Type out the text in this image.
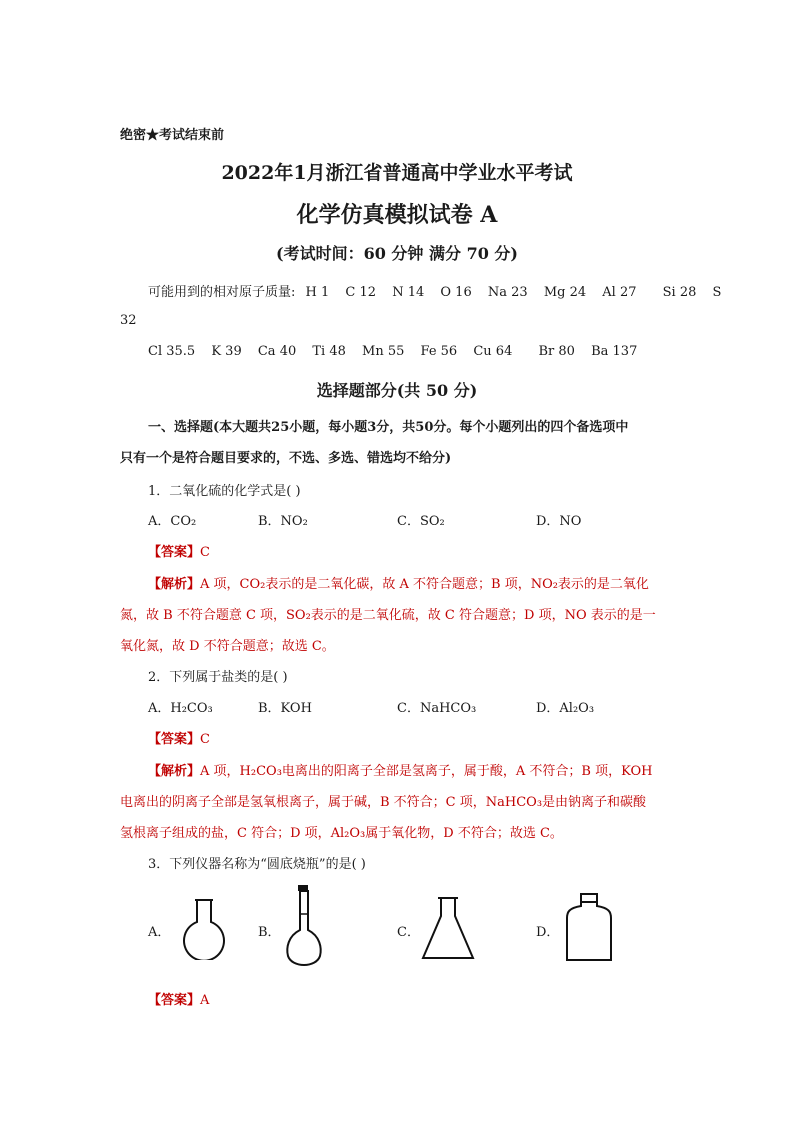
绝密★考试结束前
2022年1月浙江省普通高中学业水平考试
化学仿真模拟试卷 A
(考试时间：60 分钟 满分 70 分)
可能用到的相对原子质量: H 1 C 12 N 14 O 16 Na 23 Mg 24 Al 27 Si 28 S
32
Cl 35.5 K 39 Ca 40 Ti 48 Mn 55 Fe 56 Cu 64 Br 80 Ba 137
选择题部分(共 50 分)
一、选择题(本大题共25小题，每小题3分，共50分。每个小题列出的四个备选项中
只有一个是符合题目要求的，不选、多选、错选均不给分)
1．二氧化硫的化学式是( )
A．CO₂	B．NO₂	C．SO₂	D．NO
【答案】C
【解析】A 项，CO₂表示的是二氧化碳，故 A 不符合题意；B 项，NO₂表示的是二氧化
氮，故 B 不符合题意 C 项，SO₂表示的是二氧化硫，故 C 符合题意；D 项，NO 表示的是一
氧化氮，故 D 不符合题意；故选 C。
2．下列属于盐类的是( )
A．H₂CO₃	B．KOH	C．NaHCO₃	D．Al₂O₃
【答案】C
【解析】A 项，H₂CO₃电离出的阳离子全部是氢离子，属于酸，A 不符合；B 项，KOH
电离出的阴离子全部是氢氧根离子，属于碱，B 不符合；C 项，NaHCO₃是由钠离子和碳酸
氢根离子组成的盐，C 符合；D 项，Al₂O₃属于氧化物，D 不符合；故选 C。
3．下列仪器名称为“圆底烧瓶”的是( )
A．	B．	C．	D．
【答案】A
